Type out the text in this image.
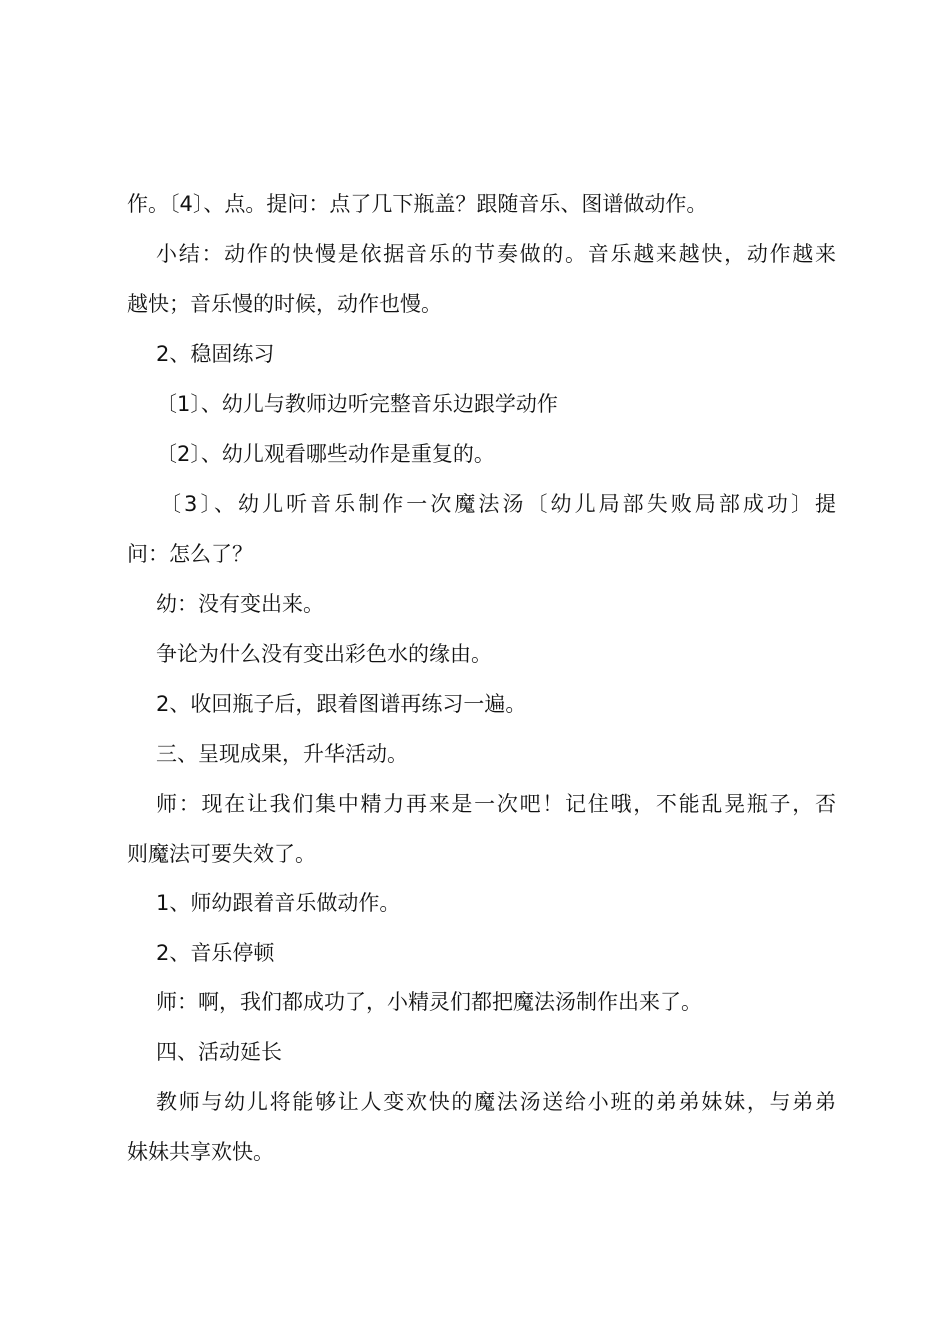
作。〔4〕、点。提问：点了几下瓶盖？跟随音乐、图谱做动作。
小结：动作的快慢是依据音乐的节奏做的。音乐越来越快，动作越来
越快；音乐慢的时候，动作也慢。
2、稳固练习
〔1〕、幼儿与教师边听完整音乐边跟学动作
〔2〕、幼儿观看哪些动作是重复的。
〔3〕、幼儿听音乐制作一次魔法汤〔幼儿局部失败局部成功〕提
问：怎么了？
幼：没有变出来。
争论为什么没有变出彩色水的缘由。
2、收回瓶子后，跟着图谱再练习一遍。
三、呈现成果，升华活动。
师：现在让我们集中精力再来是一次吧！记住哦，不能乱晃瓶子，否
则魔法可要失效了。
1、师幼跟着音乐做动作。
2、音乐停顿
师：啊，我们都成功了，小精灵们都把魔法汤制作出来了。
四、活动延长
教师与幼儿将能够让人变欢快的魔法汤送给小班的弟弟妹妹，与弟弟
妹妹共享欢快。
